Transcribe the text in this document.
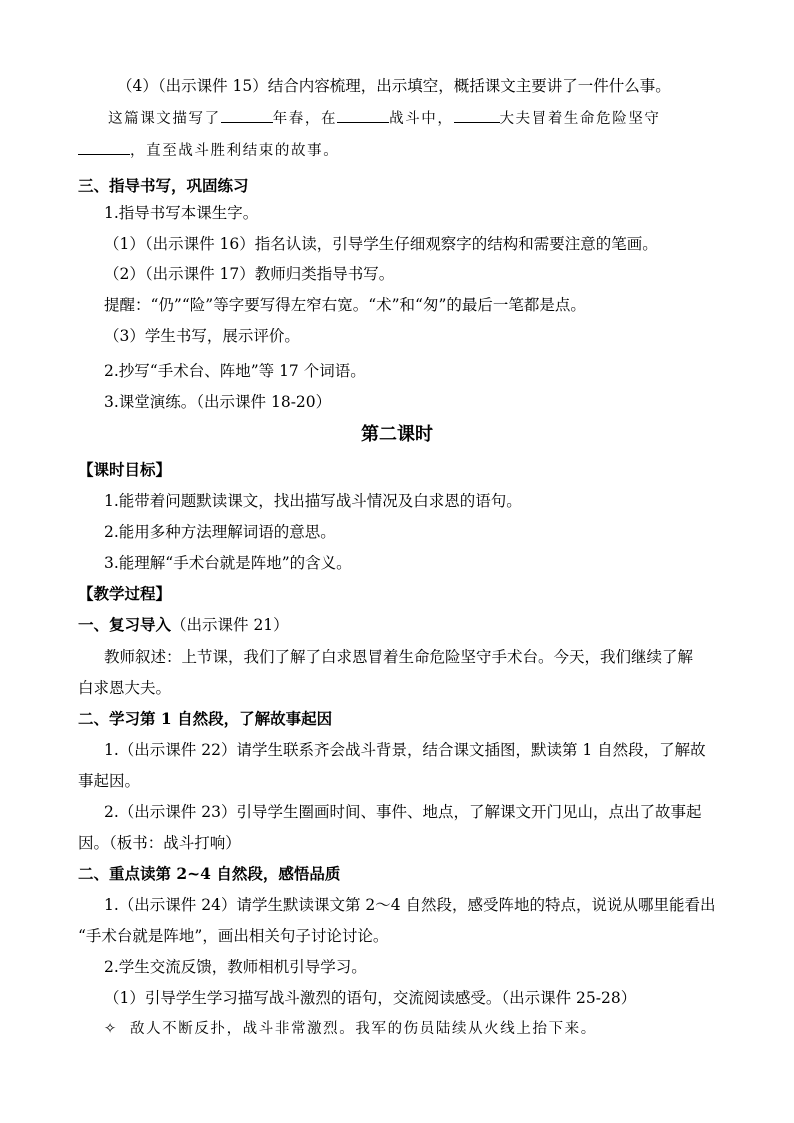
（4）（出示课件 15）结合内容梳理，出示填空，概括课文主要讲了一件什么事。
这篇课文描写了	年春，在	战斗中，	大夫冒着生命危险坚守
，直至战斗胜利结束的故事。
三、指导书写，巩固练习
1.指导书写本课生字。
（1）（出示课件 16）指名认读，引导学生仔细观察字的结构和需要注意的笔画。
（2）（出示课件 17）教师归类指导书写。
提醒：“仍”“险”等字要写得左窄右宽。“术”和“匆”的最后一笔都是点。
（3）学生书写，展示评价。
2.抄写“手术台、阵地”等 17 个词语。
3.课堂演练。（出示课件 18-20）
第二课时
【课时目标】
1.能带着问题默读课文，找出描写战斗情况及白求恩的语句。
2.能用多种方法理解词语的意思。
3.能理解“手术台就是阵地”的含义。
【教学过程】
一、复习导入（出示课件 21）
教师叙述：上节课，我们了解了白求恩冒着生命危险坚守手术台。今天，我们继续了解
白求恩大夫。
二、学习第 1 自然段，了解故事起因
1.（出示课件 22）请学生联系齐会战斗背景，结合课文插图，默读第 1 自然段，了解故
事起因。
2.（出示课件 23）引导学生圈画时间、事件、地点，了解课文开门见山，点出了故事起
因。（板书：战斗打响）
二、重点读第 2~4 自然段，感悟品质
1.（出示课件 24）请学生默读课文第 2～4 自然段，感受阵地的特点，说说从哪里能看出
“手术台就是阵地”，画出相关句子讨论讨论。
2.学生交流反馈，教师相机引导学习。
（1）引导学生学习描写战斗激烈的语句，交流阅读感受。（出示课件 25-28）
✧ 敌人不断反扑，战斗非常激烈。我军的伤员陆续从火线上抬下来。
